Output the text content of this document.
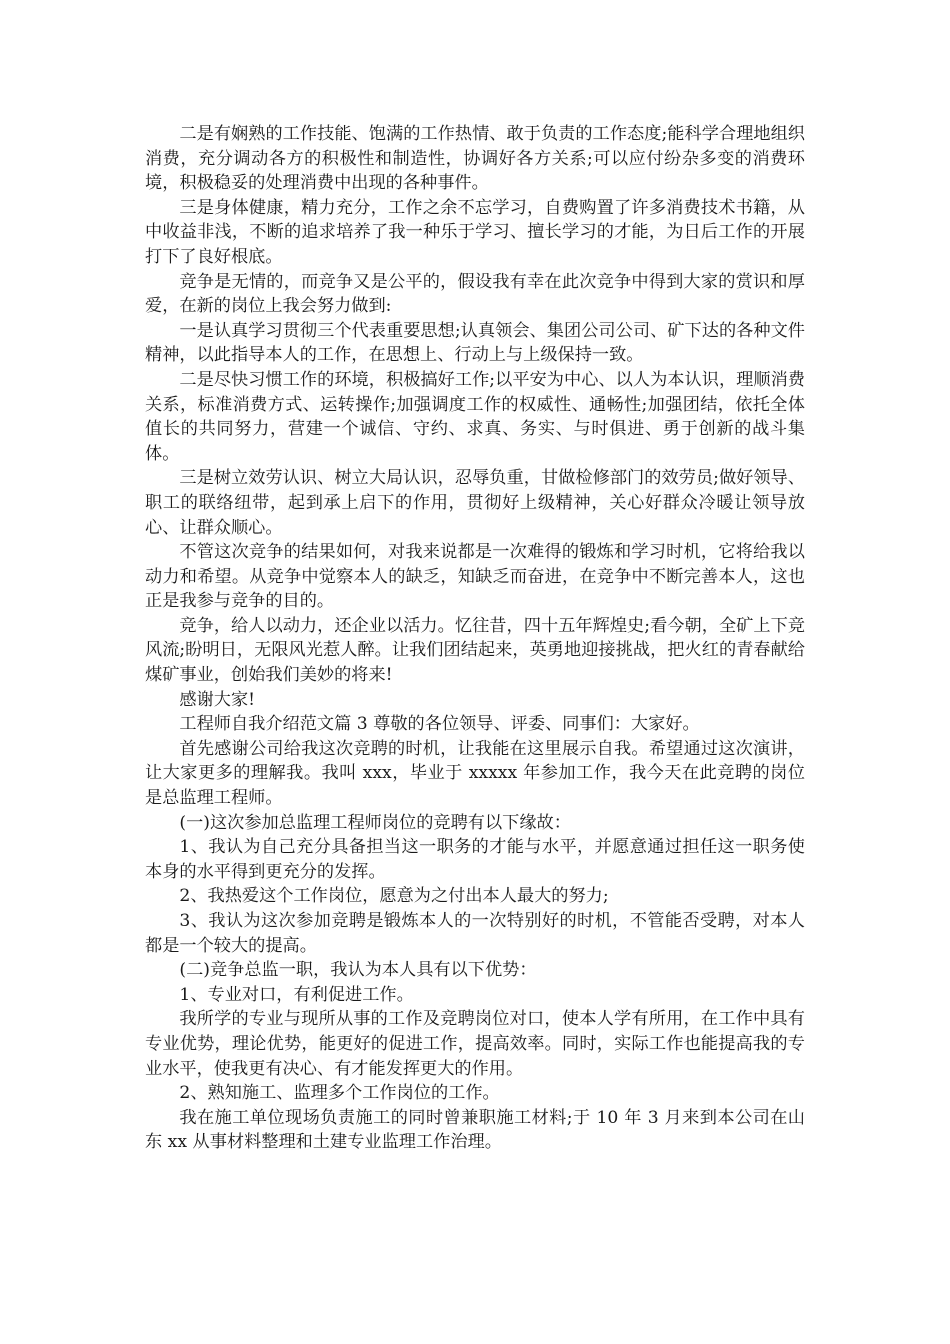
二是有娴熟的工作技能、饱满的工作热情、敢于负责的工作态度;能科学合理地组织消费，充分调动各方的积极性和制造性，协调好各方关系;可以应付纷杂多变的消费环境，积极稳妥的处理消费中出现的各种事件。

三是身体健康，精力充分，工作之余不忘学习，自费购置了许多消费技术书籍，从中收益非浅，不断的追求培养了我一种乐于学习、擅长学习的才能，为日后工作的开展打下了良好根底。

竞争是无情的，而竞争又是公平的，假设我有幸在此次竞争中得到大家的赏识和厚爱，在新的岗位上我会努力做到:

一是认真学习贯彻三个代表重要思想;认真领会、集团公司公司、矿下达的各种文件精神，以此指导本人的工作，在思想上、行动上与上级保持一致。

二是尽快习惯工作的环境，积极搞好工作;以平安为中心、以人为本认识，理顺消费关系，标准消费方式、运转操作;加强调度工作的权威性、通畅性;加强团结，依托全体值长的共同努力，营建一个诚信、守约、求真、务实、与时俱进、勇于创新的战斗集体。

三是树立效劳认识、树立大局认识，忍辱负重，甘做检修部门的效劳员;做好领导、职工的联络纽带，起到承上启下的作用，贯彻好上级精神，关心好群众冷暖让领导放心、让群众顺心。

不管这次竞争的结果如何，对我来说都是一次难得的锻炼和学习时机，它将给我以动力和希望。从竞争中觉察本人的缺乏，知缺乏而奋进，在竞争中不断完善本人，这也正是我参与竞争的目的。

竞争，给人以动力，还企业以活力。忆往昔，四十五年辉煌史;看今朝，全矿上下竞风流;盼明日，无限风光惹人醉。让我们团结起来，英勇地迎接挑战，把火红的青春献给煤矿事业，创始我们美妙的将来!

感谢大家!

工程师自我介绍范文篇 3 尊敬的各位领导、评委、同事们：大家好。

首先感谢公司给我这次竞聘的时机，让我能在这里展示自我。希望通过这次演讲，让大家更多的理解我。我叫 xxx，毕业于 xxxxx 年参加工作，我今天在此竞聘的岗位是总监理工程师。

(一)这次参加总监理工程师岗位的竞聘有以下缘故：

1、我认为自己充分具备担当这一职务的才能与水平，并愿意通过担任这一职务使本身的水平得到更充分的发挥。

2、我热爱这个工作岗位，愿意为之付出本人最大的努力;

3、我认为这次参加竞聘是锻炼本人的一次特别好的时机，不管能否受聘，对本人都是一个较大的提高。

(二)竞争总监一职，我认为本人具有以下优势：

1、专业对口，有利促进工作。

我所学的专业与现所从事的工作及竞聘岗位对口，使本人学有所用，在工作中具有专业优势，理论优势，能更好的促进工作，提高效率。同时，实际工作也能提高我的专业水平，使我更有决心、有才能发挥更大的作用。

2、熟知施工、监理多个工作岗位的工作。

我在施工单位现场负责施工的同时曾兼职施工材料;于 10 年 3 月来到本公司在山东 xx 从事材料整理和土建专业监理工作治理。
